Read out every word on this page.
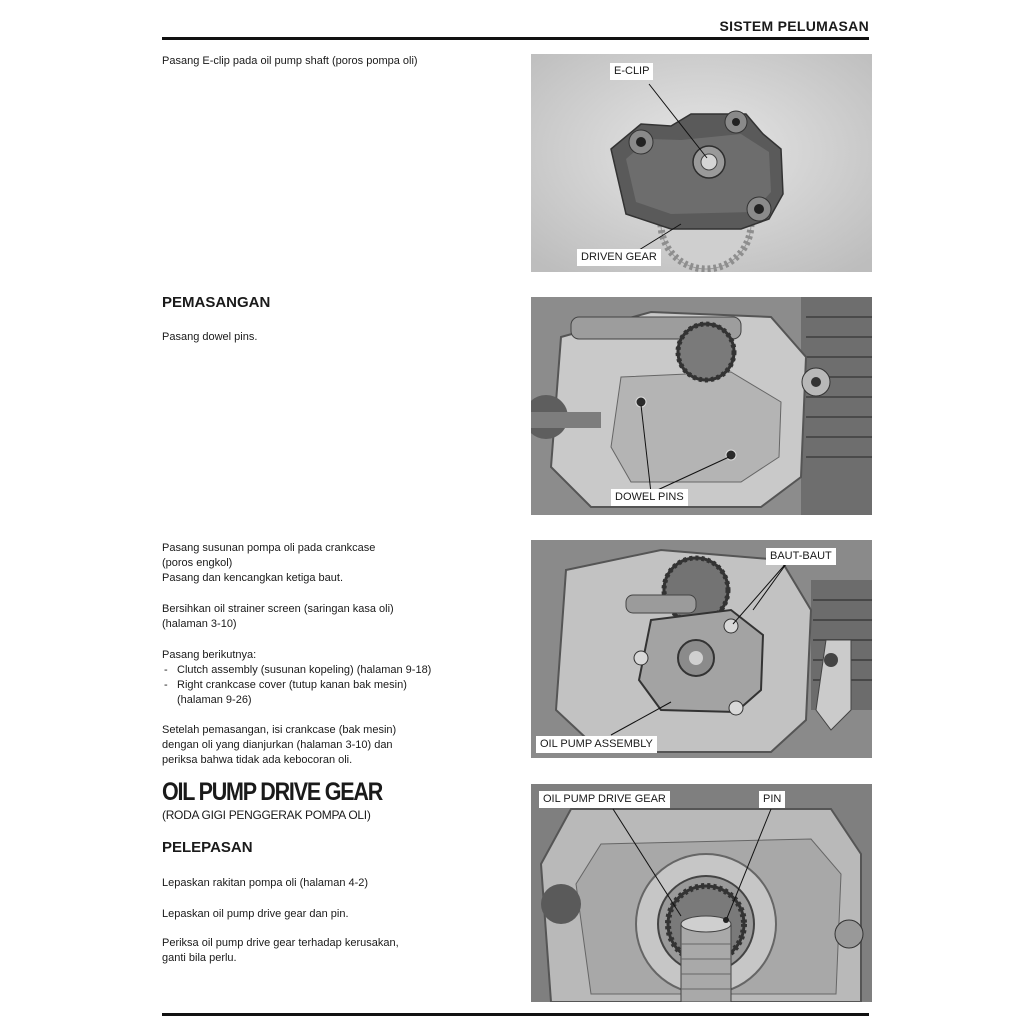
SISTEM PELUMASAN

Pasang E-clip pada oil pump shaft (poros pompa oli)

E-CLIP
DRIVEN GEAR
PEMASANGAN

Pasang dowel pins.

DOWEL PINS

Pasang susunan pompa oli pada crankcase
(poros engkol)
Pasang dan kencangkan ketiga baut.

Bersihkan oil strainer screen (saringan kasa oli)
(halaman 3-10)

Pasang berikutnya:
- Clutch assembly (susunan kopeling) (halaman 9-18)
- Right crankcase cover (tutup kanan bak mesin)
(halaman 9-26)

Setelah pemasangan, isi crankcase (bak mesin)
dengan oli yang dianjurkan (halaman 3-10) dan
periksa bahwa tidak ada kebocoran oli.

BAUT-BAUT
OIL PUMP ASSEMBLY
OIL PUMP DRIVE GEAR

(RODA GIGI PENGGERAK POMPA OLI)

PELEPASAN

Lepaskan rakitan pompa oli (halaman 4-2)

Lepaskan oil pump drive gear dan pin.

Periksa oil pump drive gear terhadap kerusakan,
ganti bila perlu.

OIL PUMP DRIVE GEAR	PIN
